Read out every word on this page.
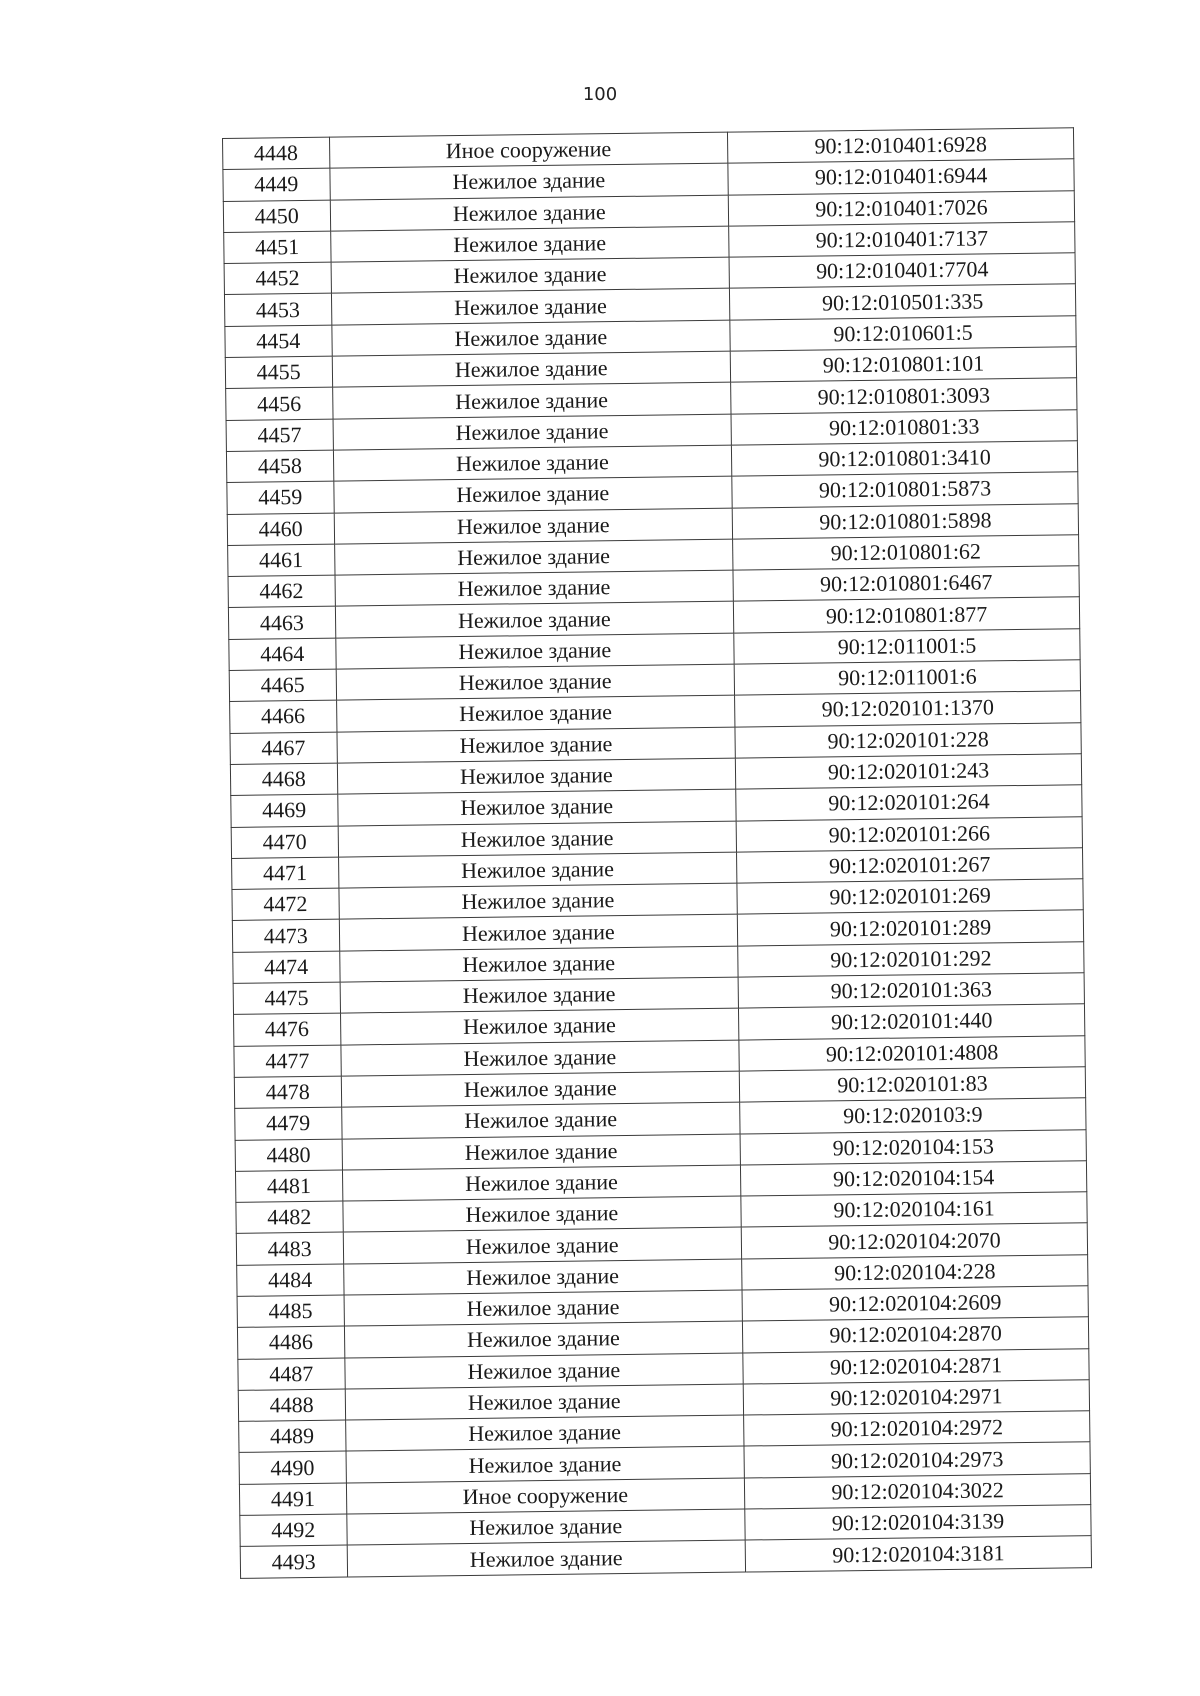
100
4448	Иное сооружение	90:12:010401:6928
4449	Нежилое здание	90:12:010401:6944
4450	Нежилое здание	90:12:010401:7026
4451	Нежилое здание	90:12:010401:7137
4452	Нежилое здание	90:12:010401:7704
4453	Нежилое здание	90:12:010501:335
4454	Нежилое здание	90:12:010601:5
4455	Нежилое здание	90:12:010801:101
4456	Нежилое здание	90:12:010801:3093
4457	Нежилое здание	90:12:010801:33
4458	Нежилое здание	90:12:010801:3410
4459	Нежилое здание	90:12:010801:5873
4460	Нежилое здание	90:12:010801:5898
4461	Нежилое здание	90:12:010801:62
4462	Нежилое здание	90:12:010801:6467
4463	Нежилое здание	90:12:010801:877
4464	Нежилое здание	90:12:011001:5
4465	Нежилое здание	90:12:011001:6
4466	Нежилое здание	90:12:020101:1370
4467	Нежилое здание	90:12:020101:228
4468	Нежилое здание	90:12:020101:243
4469	Нежилое здание	90:12:020101:264
4470	Нежилое здание	90:12:020101:266
4471	Нежилое здание	90:12:020101:267
4472	Нежилое здание	90:12:020101:269
4473	Нежилое здание	90:12:020101:289
4474	Нежилое здание	90:12:020101:292
4475	Нежилое здание	90:12:020101:363
4476	Нежилое здание	90:12:020101:440
4477	Нежилое здание	90:12:020101:4808
4478	Нежилое здание	90:12:020101:83
4479	Нежилое здание	90:12:020103:9
4480	Нежилое здание	90:12:020104:153
4481	Нежилое здание	90:12:020104:154
4482	Нежилое здание	90:12:020104:161
4483	Нежилое здание	90:12:020104:2070
4484	Нежилое здание	90:12:020104:228
4485	Нежилое здание	90:12:020104:2609
4486	Нежилое здание	90:12:020104:2870
4487	Нежилое здание	90:12:020104:2871
4488	Нежилое здание	90:12:020104:2971
4489	Нежилое здание	90:12:020104:2972
4490	Нежилое здание	90:12:020104:2973
4491	Иное сооружение	90:12:020104:3022
4492	Нежилое здание	90:12:020104:3139
4493	Нежилое здание	90:12:020104:3181
